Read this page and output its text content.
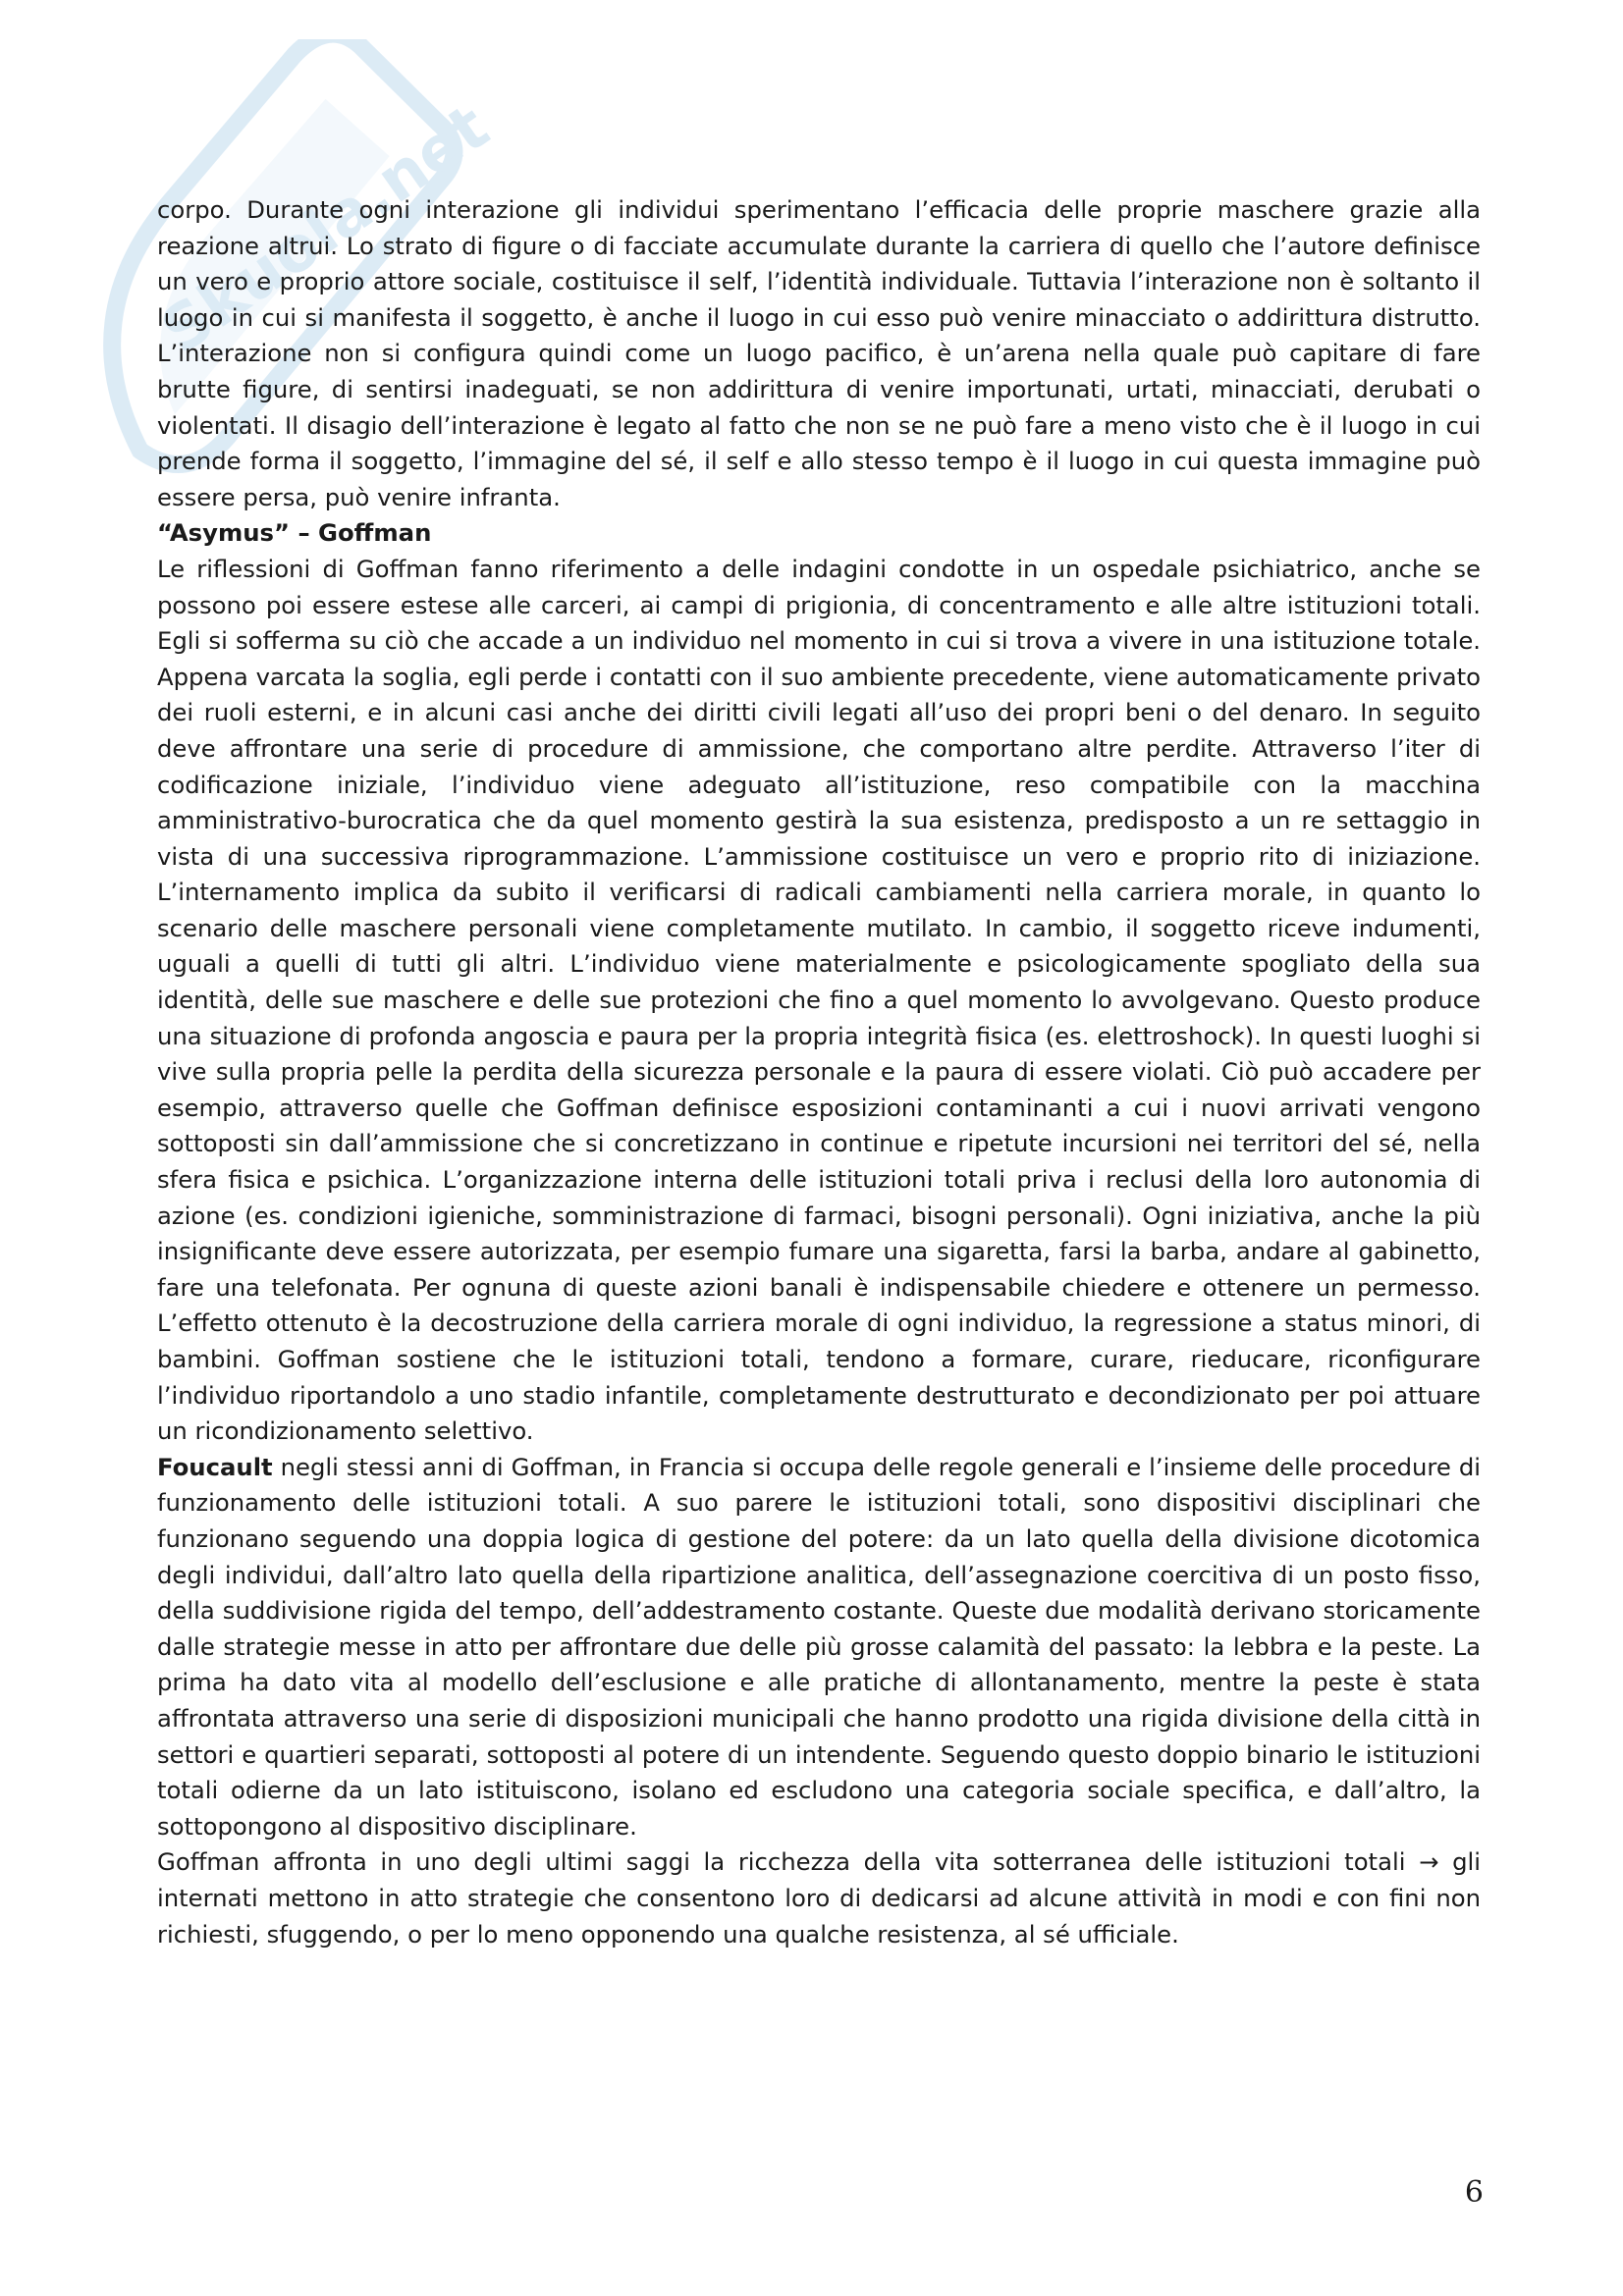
Skuola.net

corpo. Durante ogni interazione gli individui sperimentano l’efficacia delle proprie maschere grazie alla reazione altrui. Lo strato di figure o di facciate accumulate durante la carriera di quello che l’autore definisce un vero e proprio attore sociale, costituisce il self, l’identità individuale. Tuttavia l’interazione non è soltanto il luogo in cui si manifesta il soggetto, è anche il luogo in cui esso può venire minacciato o addirittura distrutto. L’interazione non si configura quindi come un luogo pacifico, è un’arena nella quale può capitare di fare brutte figure, di sentirsi inadeguati, se non addirittura di venire importunati, urtati, minacciati, derubati o violentati. Il disagio dell’interazione è legato al fatto che non se ne può fare a meno visto che è il luogo in cui prende forma il soggetto, l’immagine del sé, il self e allo stesso tempo è il luogo in cui questa immagine può essere persa, può venire infranta.

“Asymus” – Goffman

Le riflessioni di Goffman fanno riferimento a delle indagini condotte in un ospedale psichiatrico, anche se possono poi essere estese alle carceri, ai campi di prigionia, di concentramento e alle altre istituzioni totali. Egli si sofferma su ciò che accade a un individuo nel momento in cui si trova a vivere in una istituzione totale. Appena varcata la soglia, egli perde i contatti con il suo ambiente precedente, viene automaticamente privato dei ruoli esterni, e in alcuni casi anche dei diritti civili legati all’uso dei propri beni o del denaro. In seguito deve affrontare una serie di procedure di ammissione, che comportano altre perdite. Attraverso l’iter di codificazione iniziale, l’individuo viene adeguato all’istituzione, reso compatibile con la macchina amministrativo-burocratica che da quel momento gestirà la sua esistenza, predisposto a un re settaggio in vista di una successiva riprogrammazione. L’ammissione costituisce un vero e proprio rito di iniziazione. L’internamento implica da subito il verificarsi di radicali cambiamenti nella carriera morale, in quanto lo scenario delle maschere personali viene completamente mutilato. In cambio, il soggetto riceve indumenti, uguali a quelli di tutti gli altri. L’individuo viene materialmente e psicologicamente spogliato della sua identità, delle sue maschere e delle sue protezioni che fino a quel momento lo avvolgevano. Questo produce una situazione di profonda angoscia e paura per la propria integrità fisica (es. elettroshock). In questi luoghi si vive sulla propria pelle la perdita della sicurezza personale e la paura di essere violati. Ciò può accadere per esempio, attraverso quelle che Goffman definisce esposizioni contaminanti a cui i nuovi arrivati vengono sottoposti sin dall’ammissione che si concretizzano in continue e ripetute incursioni nei territori del sé, nella sfera fisica e psichica. L’organizzazione interna delle istituzioni totali priva i reclusi della loro autonomia di azione (es. condizioni igieniche, somministrazione di farmaci, bisogni personali). Ogni iniziativa, anche la più insignificante deve essere autorizzata, per esempio fumare una sigaretta, farsi la barba, andare al gabinetto, fare una telefonata. Per ognuna di queste azioni banali è indispensabile chiedere e ottenere un permesso. L’effetto ottenuto è la decostruzione della carriera morale di ogni individuo, la regressione a status minori, di bambini. Goffman sostiene che le istituzioni totali, tendono a formare, curare, rieducare, riconfigurare l’individuo riportandolo a uno stadio infantile, completamente destrutturato e decondizionato per poi attuare un ricondizionamento selettivo.

Foucault negli stessi anni di Goffman, in Francia si occupa delle regole generali e l’insieme delle procedure di funzionamento delle istituzioni totali. A suo parere le istituzioni totali, sono dispositivi disciplinari che funzionano seguendo una doppia logica di gestione del potere: da un lato quella della divisione dicotomica degli individui, dall’altro lato quella della ripartizione analitica, dell’assegnazione coercitiva di un posto fisso, della suddivisione rigida del tempo, dell’addestramento costante. Queste due modalità derivano storicamente dalle strategie messe in atto per affrontare due delle più grosse calamità del passato: la lebbra e la peste. La prima ha dato vita al modello dell’esclusione e alle pratiche di allontanamento, mentre la peste è stata affrontata attraverso una serie di disposizioni municipali che hanno prodotto una rigida divisione della città in settori e quartieri separati, sottoposti al potere di un intendente. Seguendo questo doppio binario le istituzioni totali odierne da un lato istituiscono, isolano ed escludono una categoria sociale specifica, e dall’altro, la sottopongono al dispositivo disciplinare.

Goffman affronta in uno degli ultimi saggi la ricchezza della vita sotterranea delle istituzioni totali → gli internati mettono in atto strategie che consentono loro di dedicarsi ad alcune attività in modi e con fini non richiesti, sfuggendo, o per lo meno opponendo una qualche resistenza, al sé ufficiale.

6
